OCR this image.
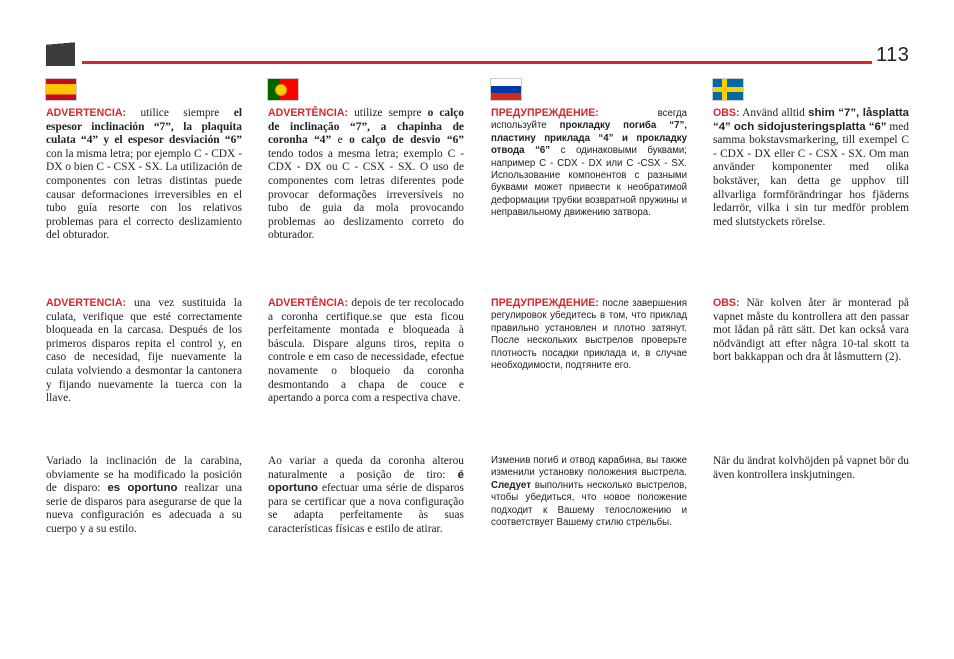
113

ADVERTENCIA: utilice siempre el espesor inclinación “7”, la plaquita culata “4” y el espesor desviación “6” con la misma letra; por ejemplo C - CDX - DX o bien C - CSX - SX. La utilización de componentes con letras distintas puede causar deformaciones irreversibles en el tubo guía resorte con los relativos problemas para el correcto deslizamiento del obturador.

ADVERTENCIA: una vez sustituida la culata, verifique que esté correctamente bloqueada en la carcasa. Después de los primeros disparos repita el control y, en caso de necesidad, fije nuevamente la culata volviendo a desmontar la cantonera y fijando nuevamente la tuerca con la llave.

Variado la inclinación de la carabina, obviamente se ha modificado la posición de disparo: es oportuno realizar una serie de disparos para asegurarse de que la nueva configuración es adecuada a su cuerpo y a su estilo.

ADVERTÊNCIA: utilize sempre o calço de inclinação “7”, a chapinha de coronha “4” e o calço de desvio “6” tendo todos a mesma letra; exemplo C - CDX - DX ou C - CSX - SX. O uso de componentes com letras diferentes pode provocar deformações irreversíveis no tubo de guia da mola provocando problemas ao deslizamento correto do obturador.

ADVERTÊNCIA: depois de ter recolocado a coronha certifique.se que esta ficou perfeitamente montada e bloqueada à báscula. Dispare alguns tiros, repita o controle e em caso de necessidade, efectue novamente o bloqueio da coronha desmontando a chapa de couce e apertando a porca com a respectiva chave.

Ao variar a queda da coronha alterou naturalmente a posição de tiro: é oportuno efectuar uma série de disparos para se certificar que a nova configuração se adapta perfeitamente às suas características físicas e estilo de atirar.

ПРЕДУПРЕЖДЕНИЕ: всегда используйте прокладку погиба “7”, пластину приклада “4” и прокладку отвода “6” с одинаковыми буквами; например C - CDX - DX или C -CSX - SX. Использование компонентов с разными буквами может привести к необратимой деформации трубки возвратной пружины и неправильному движению затвора.

ПРЕДУПРЕЖДЕНИЕ: после завершения регулировок убедитесь в том, что приклад правильно установлен и плотно затянут. После нескольких выстрелов проверьте плотность посадки приклада и, в случае необходимости, подтяните его.

Изменив погиб и отвод карабина, вы также изменили установку положения выстрела. Следует выполнить несколько выстрелов, чтобы убедиться, что новое положение подходит к Вашему телосложению и соответствует Вашему стилю стрельбы.

OBS: Använd alltid shim “7”, låsplatta “4” och sidojusteringsplatta “6” med samma bokstavsmarkering, till exempel C - CDX - DX eller C - CSX - SX. Om man använder komponenter med olika bokstäver, kan detta ge upphov till allvarliga formförändringar hos fjäderns ledarrör, vilka i sin tur medför problem med slutstyckets rörelse.

OBS: När kolven åter är monterad på vapnet måste du kontrollera att den passar mot lådan på rätt sätt. Det kan också vara nödvändigt att efter några 10-tal skott ta bort bakkappan och dra åt låsmuttern (2).

När du ändrat kolvhöjden på vapnet bör du även kontrollera inskjutningen.
